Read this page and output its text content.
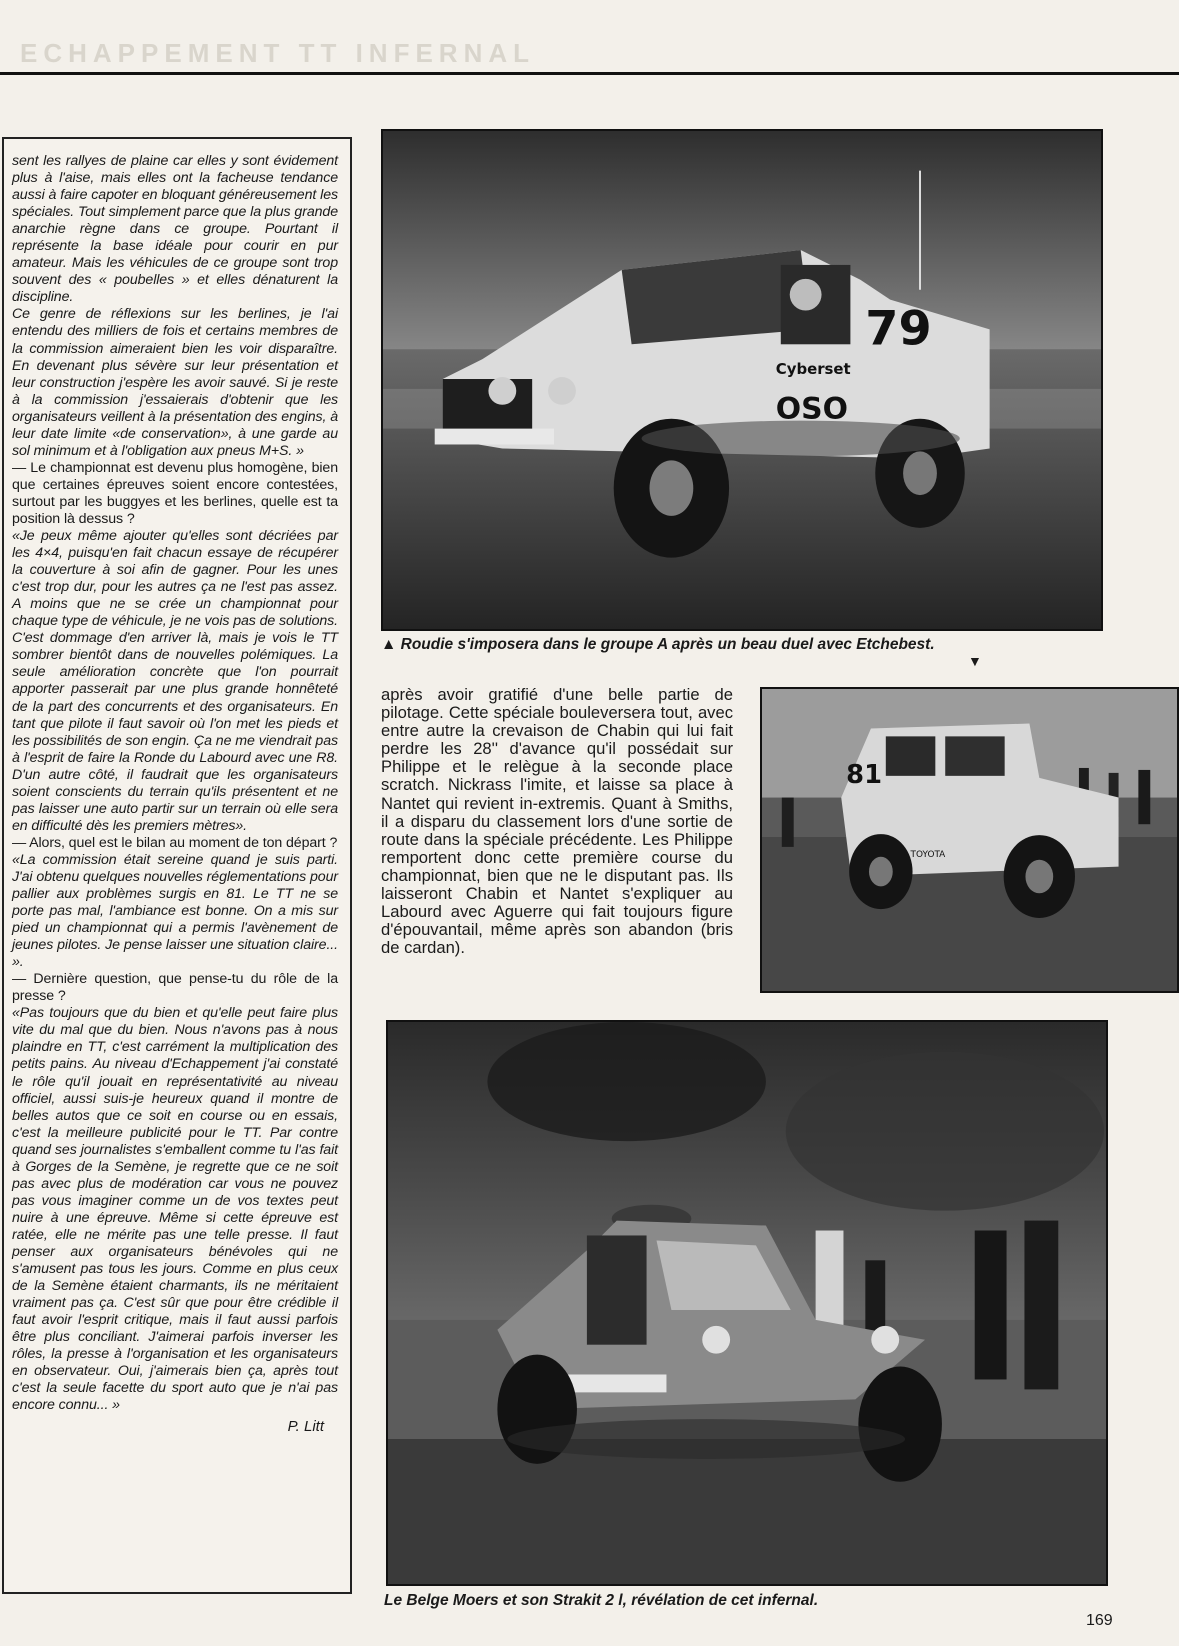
ECHAPPEMENT TT INFERNAL

sent les rallyes de plaine car elles y sont évidement plus à l'aise, mais elles ont la facheuse tendance aussi à faire capoter en bloquant généreusement les spéciales. Tout simplement parce que la plus grande anarchie règne dans ce groupe. Pourtant il représente la base idéale pour courir en pur amateur. Mais les véhicules de ce groupe sont trop souvent des « poubelles » et elles dénaturent la discipline.

Ce genre de réflexions sur les berlines, je l'ai entendu des milliers de fois et certains membres de la commission aimeraient bien les voir disparaître. En devenant plus sévère sur leur présentation et leur construction j'espère les avoir sauvé. Si je reste à la commission j'essaierais d'obtenir que les organisateurs veillent à la présentation des engins, à leur date limite «de conservation», à une garde au sol minimum et à l'obligation aux pneus M+S. »

— Le championnat est devenu plus homogène, bien que certaines épreuves soient encore contestées, surtout par les buggyes et les berlines, quelle est ta position là dessus ?

«Je peux même ajouter qu'elles sont décriées par les 4×4, puisqu'en fait chacun essaye de récupérer la couverture à soi afin de gagner. Pour les unes c'est trop dur, pour les autres ça ne l'est pas assez. A moins que ne se crée un championnat pour chaque type de véhicule, je ne vois pas de solutions. C'est dommage d'en arriver là, mais je vois le TT sombrer bientôt dans de nouvelles polémiques. La seule amélioration concrète que l'on pourrait apporter passerait par une plus grande honnêteté de la part des concurrents et des organisateurs. En tant que pilote il faut savoir où l'on met les pieds et les possibilités de son engin. Ça ne me viendrait pas à l'esprit de faire la Ronde du Labourd avec une R8. D'un autre côté, il faudrait que les organisateurs soient conscients du terrain qu'ils présentent et ne pas laisser une auto partir sur un terrain où elle sera en difficulté dès les premiers mètres».

— Alors, quel est le bilan au moment de ton départ ?

«La commission était sereine quand je suis parti. J'ai obtenu quelques nouvelles réglementations pour pallier aux problèmes surgis en 81. Le TT ne se porte pas mal, l'ambiance est bonne. On a mis sur pied un championnat qui a permis l'avènement de jeunes pilotes. Je pense laisser une situation claire... ».

— Dernière question, que pense-tu du rôle de la presse ?

«Pas toujours que du bien et qu'elle peut faire plus vite du mal que du bien. Nous n'avons pas à nous plaindre en TT, c'est carrément la multiplication des petits pains. Au niveau d'Echappement j'ai constaté le rôle qu'il jouait en représentativité au niveau officiel, aussi suis-je heureux quand il montre de belles autos que ce soit en course ou en essais, c'est la meilleure publicité pour le TT. Par contre quand ses journalistes s'emballent comme tu l'as fait à Gorges de la Semène, je regrette que ce ne soit pas avec plus de modération car vous ne pouvez pas vous imaginer comme un de vos textes peut nuire à une épreuve. Même si cette épreuve est ratée, elle ne mérite pas une telle presse. Il faut penser aux organisateurs bénévoles qui ne s'amusent pas tous les jours. Comme en plus ceux de la Semène étaient charmants, ils ne méritaient vraiment pas ça. C'est sûr que pour être crédible il faut avoir l'esprit critique, mais il faut aussi parfois être plus conciliant. J'aimerai parfois inverser les rôles, la presse à l'organisation et les organisateurs en observateur. Oui, j'aimerais bien ça, après tout c'est la seule facette du sport auto que je n'ai pas encore connu... »

P. Litt
79
Cyberset
OSO
▲ Roudie s'imposera dans le groupe A après un beau duel avec Etchebest.
▼

après avoir gratifié d'une belle partie de pilotage. Cette spéciale bouleversera tout, avec entre autre la crevaison de Chabin qui lui fait perdre les 28'' d'avance qu'il possédait sur Philippe et le relègue à la seconde place scratch. Nickrass l'imite, et laisse sa place à Nantet qui revient in-extremis. Quant à Smiths, il a disparu du classement lors d'une sortie de route dans la spéciale précédente. Les Philippe remportent donc cette première course du championnat, bien que ne le disputant pas. Ils laisseront Chabin et Nantet s'expliquer au Labourd avec Aguerre qui fait toujours figure d'épouvantail, même après son abandon (bris de cardan).

81
TOYOTA
Le Belge Moers et son Strakit 2 l, révélation de cet infernal.
169
